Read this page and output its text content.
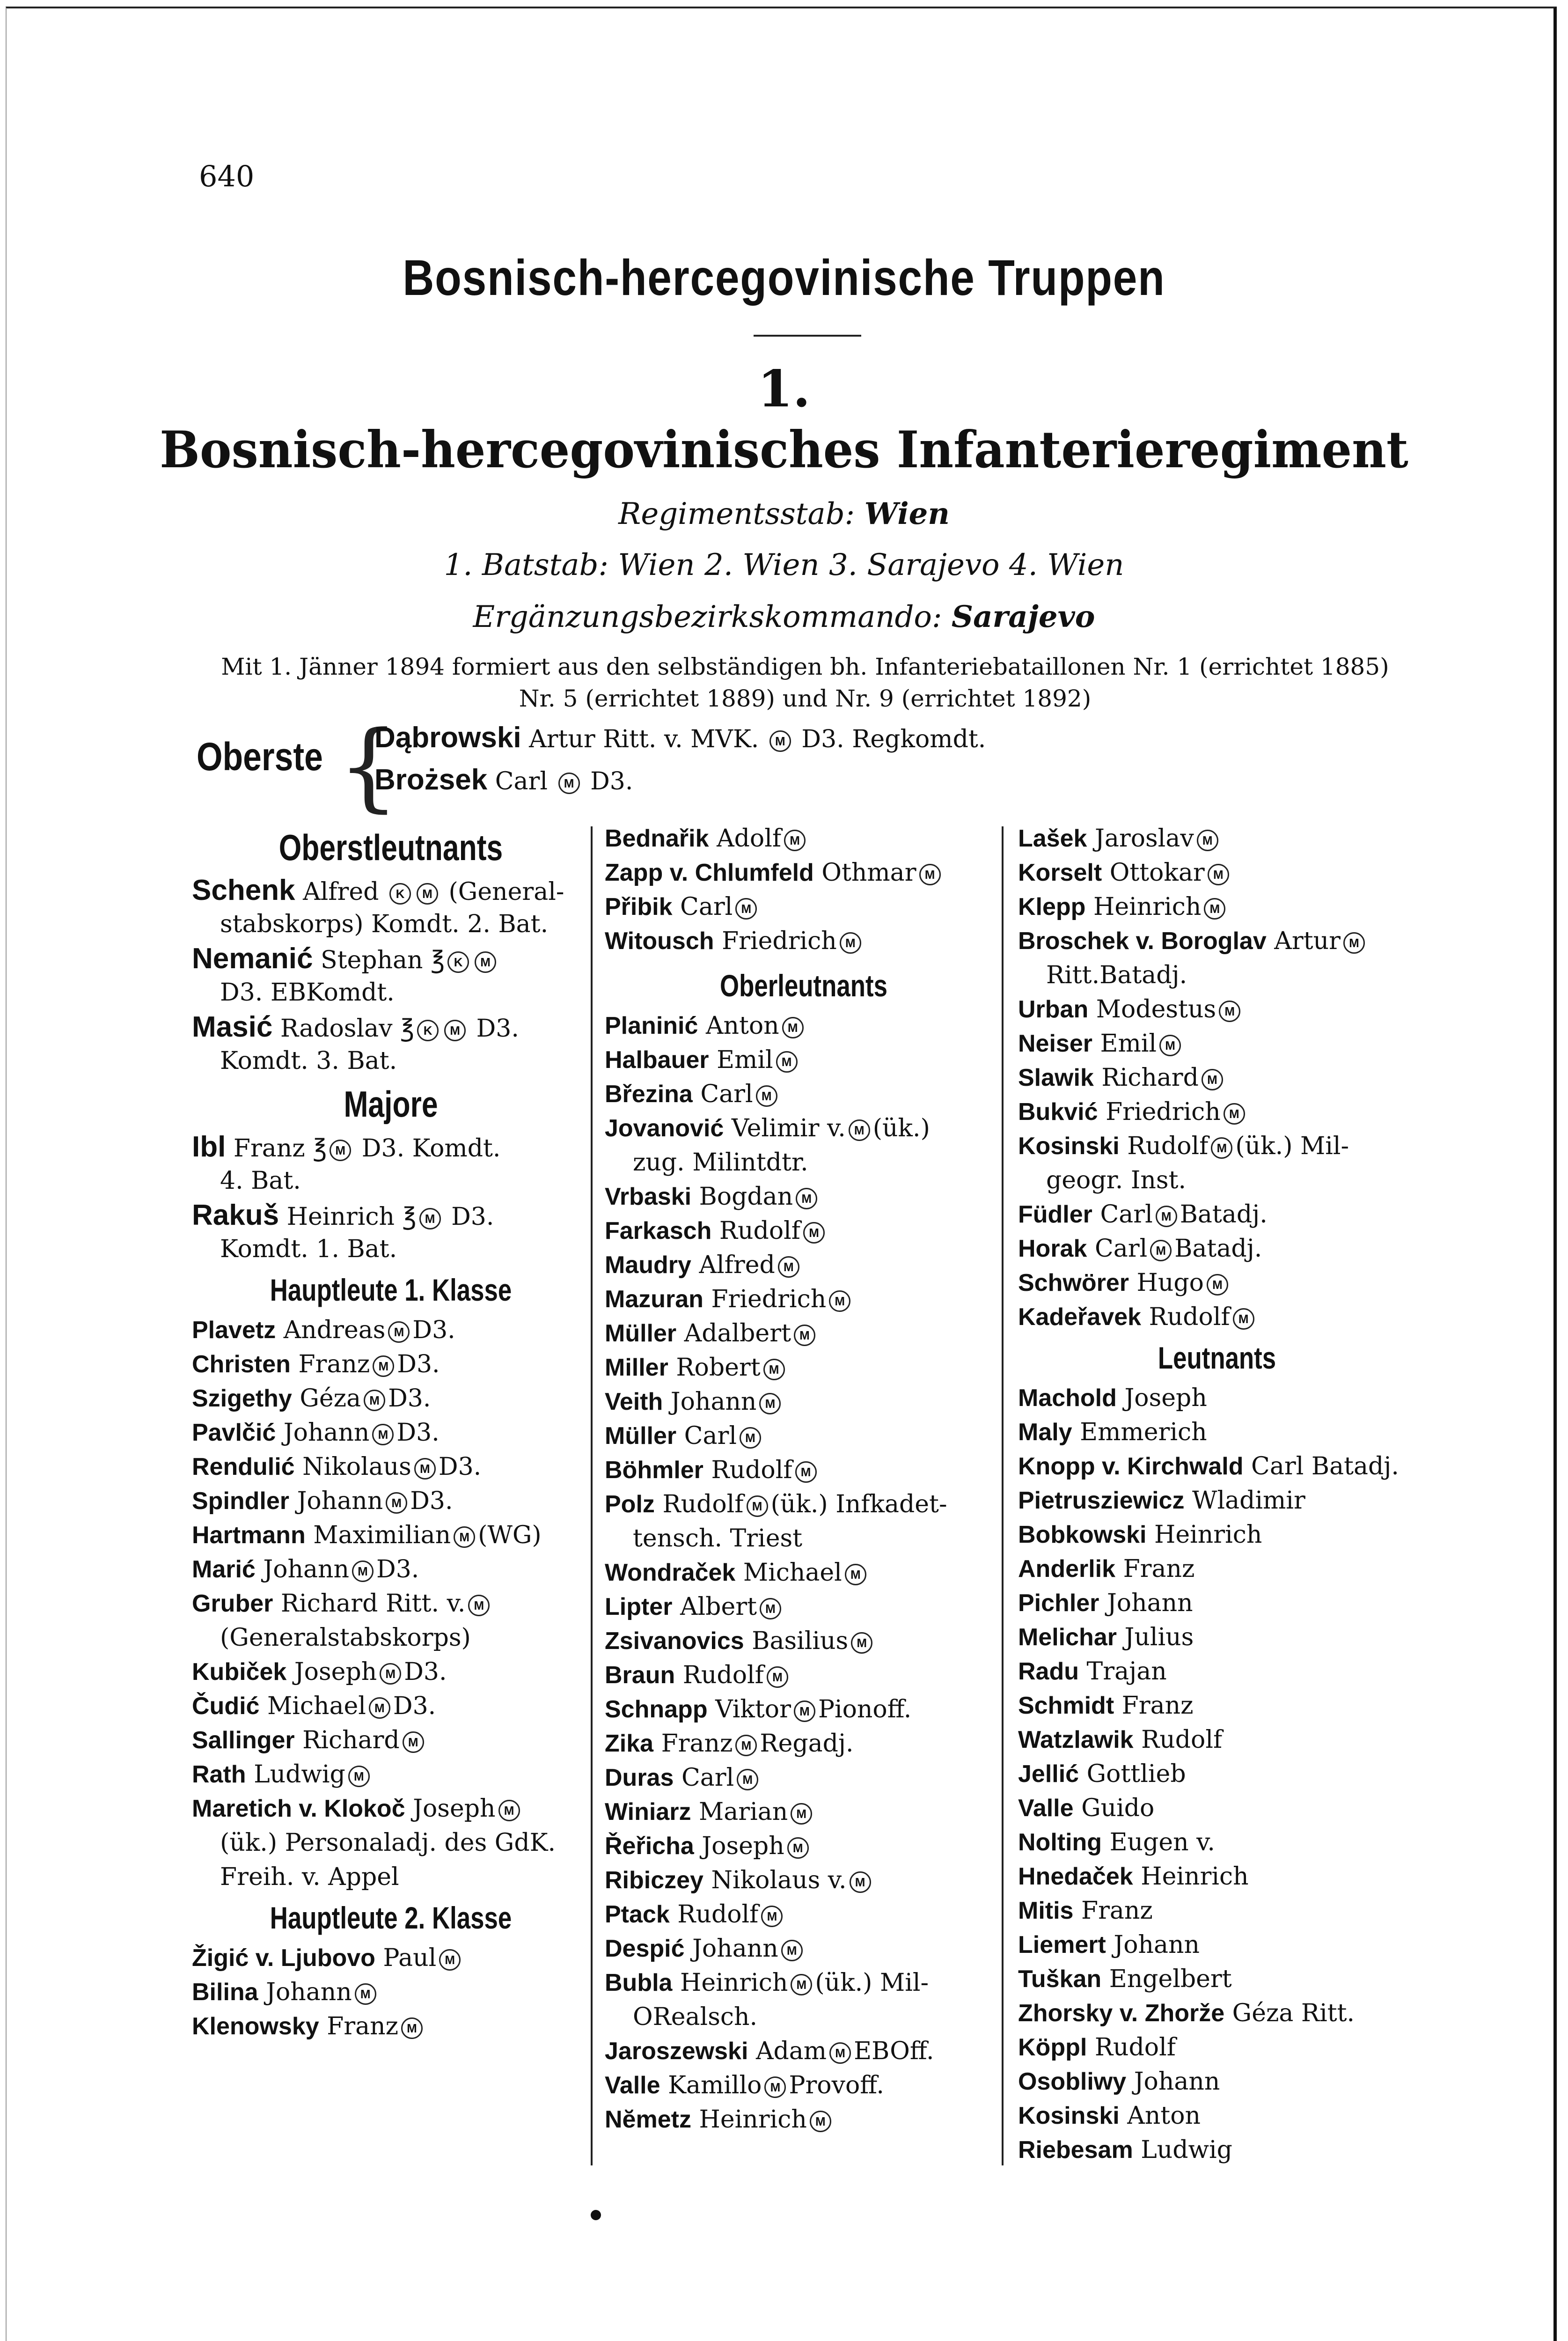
640
Bosnisch-hercegovinische Truppen
1.
Bosnisch-hercegovinisches Infanterieregiment
Regimentsstab: Wien
1. Batstab: Wien 2. Wien 3. Sarajevo 4. Wien
Ergänzungsbezirkskommando: Sarajevo
Mit 1. Jänner 1894 formiert aus den selbständigen bh. Infanteriebataillonen Nr. 1 (errichtet 1885)
Nr. 5 (errichtet 1889) und Nr. 9 (errichtet 1892)
Oberste {
Dąbrowski Artur Ritt. v. MVK. M D3. Regkomdt.
Brożsek Carl M D3.
Oberstleutnants
Schenk Alfred K M (General-
stabskorps) Komdt. 2. Bat.
Nemanić Stephan ℥ K M
D3. EBKomdt.
Masić Radoslav ℥ K M D3.
Komdt. 3. Bat.
Majore
Ibl Franz ℥ M D3. Komdt.
4. Bat.
Rakuš Heinrich ℥ M D3.
Komdt. 1. Bat.
Hauptleute 1. Klasse
Plavetz Andreas M D3.
Christen Franz M D3.
Szigethy Géza M D3.
Pavlčić Johann M D3.
Rendulić Nikolaus M D3.
Spindler Johann M D3.
Hartmann Maximilian M (WG)
Marić Johann M D3.
Gruber Richard Ritt. v. M
(Generalstabskorps)
Kubiček Joseph M D3.
Čudić Michael M D3.
Sallinger Richard M
Rath Ludwig M
Maretich v. Klokoč Joseph M
(ük.) Personaladj. des GdK.
Freih. v. Appel
Hauptleute 2. Klasse
Žigić v. Ljubovo Paul M
Bilina Johann M
Klenowsky Franz M
Bednařik Adolf M
Zapp v. Chlumfeld Othmar M
Přibik Carl M
Witousch Friedrich M
Oberleutnants
Planinić Anton M
Halbauer Emil M
Březina Carl M
Jovanović Velimir v. M (ük.)
zug. Milintdtr.
Vrbaski Bogdan M
Farkasch Rudolf M
Maudry Alfred M
Mazuran Friedrich M
Müller Adalbert M
Miller Robert M
Veith Johann M
Müller Carl M
Böhmler Rudolf M
Polz Rudolf M (ük.) Infkadet-
tensch. Triest
Wondraček Michael M
Lipter Albert M
Zsivanovics Basilius M
Braun Rudolf M
Schnapp Viktor M Pionoff.
Zika Franz M Regadj.
Duras Carl M
Winiarz Marian M
Řeřicha Joseph M
Ribiczey Nikolaus v. M
Ptack Rudolf M
Despić Johann M
Bubla Heinrich M (ük.) Mil-
ORealsch.
Jaroszewski Adam M EBOff.
Valle Kamillo M Provoff.
Nĕmetz Heinrich M
Lašek Jaroslav M
Korselt Ottokar M
Klepp Heinrich M
Broschek v. Boroglav Artur M
Ritt.Batadj.
Urban Modestus M
Neiser Emil M
Slawik Richard M
Bukvić Friedrich M
Kosinski Rudolf M (ük.) Mil-
geogr. Inst.
Füdler Carl M Batadj.
Horak Carl M Batadj.
Schwörer Hugo M
Kadeřavek Rudolf M
Leutnants
Machold Joseph
Maly Emmerich
Knopp v. Kirchwald Carl Batadj.
Pietrusziewicz Wladimir
Bobkowski Heinrich
Anderlik Franz
Pichler Johann
Melichar Julius
Radu Trajan
Schmidt Franz
Watzlawik Rudolf
Jellić Gottlieb
Valle Guido
Nolting Eugen v.
Hnedaček Heinrich
Mitis Franz
Liemert Johann
Tuškan Engelbert
Zhorsky v. Zhorže Géza Ritt.
Köppl Rudolf
Osobliwy Johann
Kosinski Anton
Riebesam Ludwig
